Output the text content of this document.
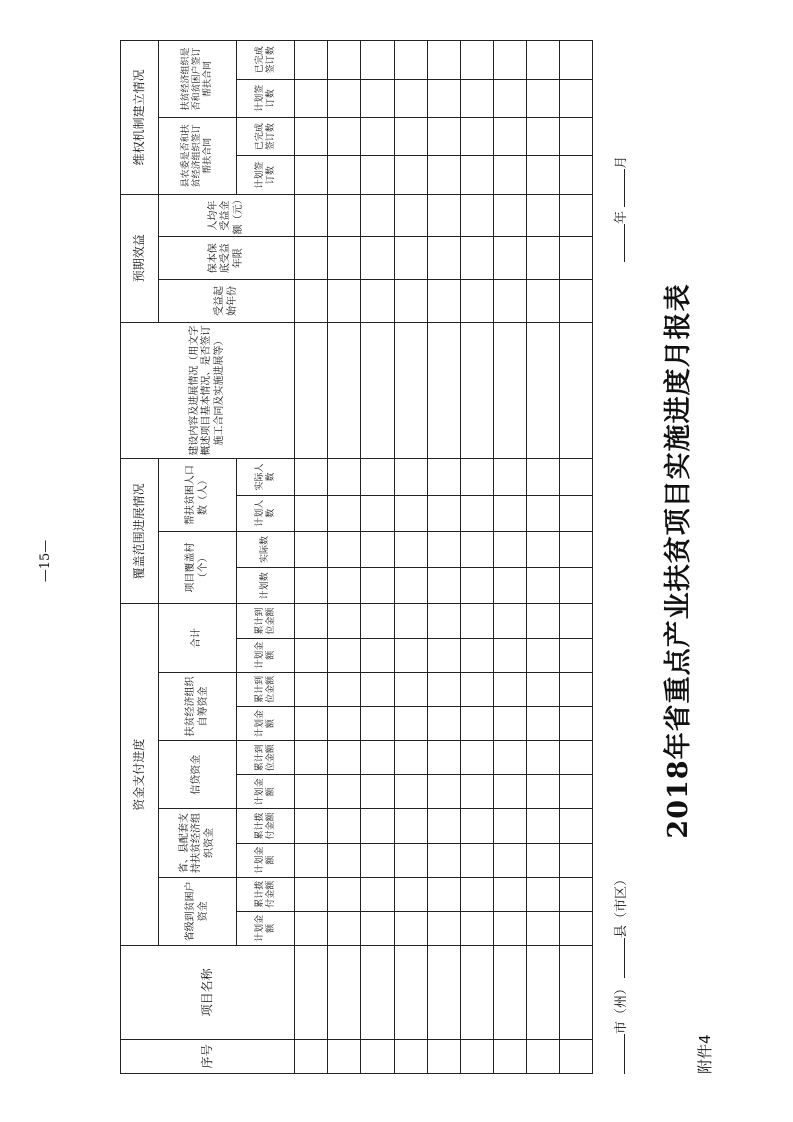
附件4
2018年省重点产业扶贫项目实施进度月报表
市（州） 县（市区）
年 月
序号	项目名称	资金支付进度										覆盖范围进展情况				建设内容及进展情况（用文字概述项目基本情况、是否签订施工合同及实施进展等）	预期效益			维权机制建立情况			
		省级到贫困户资金		省、县配套支持扶贫经济组织资金		信贷资金		扶贫经济组织自筹资金		合计		项目覆盖村（个）		帮扶贫困人口数（人）			受益起始年份	保本保底受益年限	人均年受益金额（元）	县农委是否和扶贫经济组织签订帮扶合同		扶贫经济组织是否和贫困户签订帮扶合同	
		计划金额	累计拨付金额	计划金额	累计拨付金额	计划金额	累计到位金额	计划金额	累计到位金额	计划金额	累计到位金额	计划数	实际数	计划人数	实际人数					计划签订数	已完成签订数	计划签订数	已完成签订数

—15—
